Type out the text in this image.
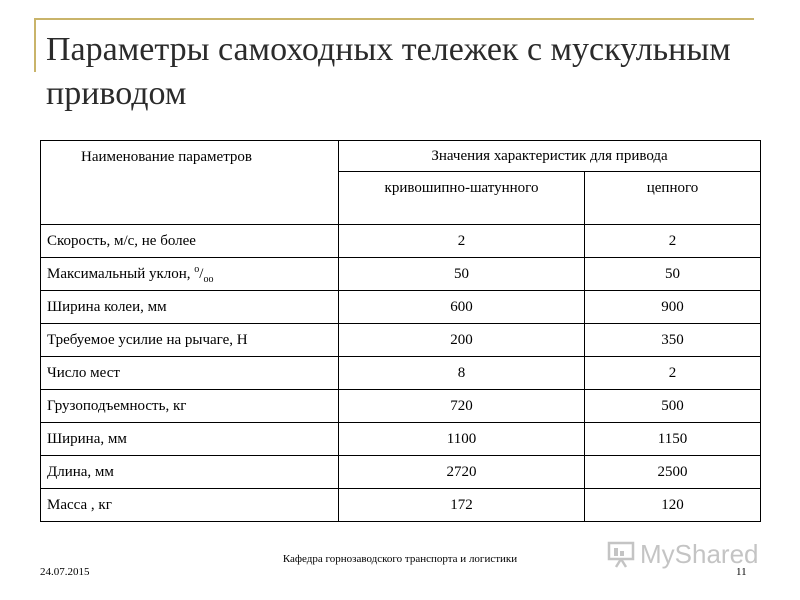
Параметры самоходных тележек с мускульным приводом
Наименование параметров	Значения характеристик для привода	
	кривошипно-шатунного	цепного
Скорость, м/с, не более	2	2
Максимальный уклон, $^о/_{оо}$	50	50
Ширина колеи, мм	600	900
Требуемое усилие на рычаге, Н	200	350
Число мест	8	2
Грузоподъемность, кг	720	500
Ширина, мм	1100	1150
Длина, мм	2720	2500
Масса , кг	172	120
24.07.2015
Кафедра горнозаводского транспорта и логистики
11
MyShared
